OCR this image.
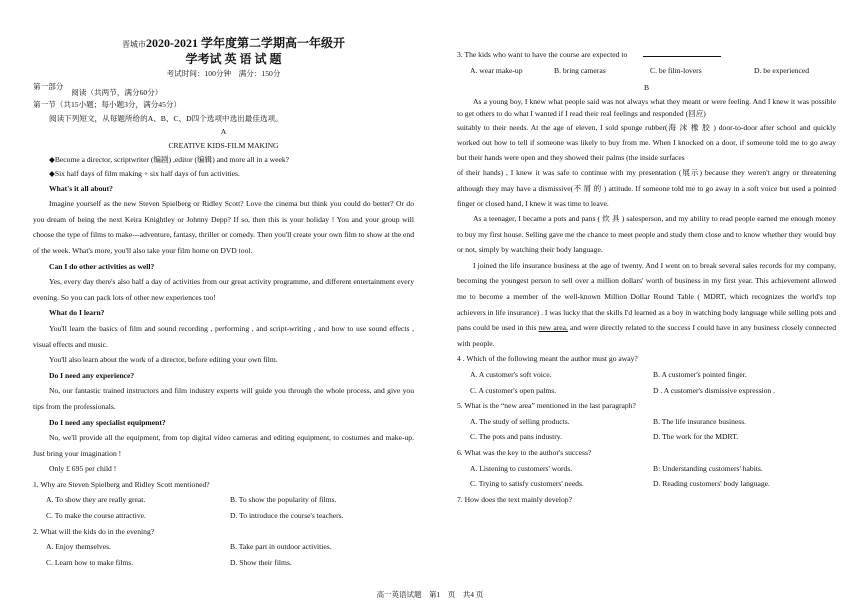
晋城市2020-2021 学年度第二学期高一年级开
学考试 英 语 试 题
考试时间：100分钟　满分：150分
第一部分 阅读（共两节，满分60分）

第一节（共15小题；每小题3分，满分45分）

阅读下列短文，从每题所给的A、B、C、D四个选项中选出最佳选项。

A

CREATIVE KIDS-FILM MAKING

◆Become a director, scriptwriter (编剧) ,editor (编辑) and more all in a week?

◆Six half days of film making + six half days of fun activities.

What's it all about?

Imagine yourself as the new Steven Spielberg or Ridley Scott? Love the cinema but think you could do better? Or do you dream of being the next Keira Knightley or Johnny Depp? If so, then this is your holiday ! You and your group will choose the type of films to make---adventure, fantasy, thriller or comedy. Then you'll create your own film to show at the end of the week. What's more, you'll also take your film home on DVD tool.

Can I do other activities as well?

Yes, every day there's also half a day of activities from our great activity programme, and different entertainment every evening. So you can pack lots of other new experiences too!

What do I learn?

You'll learn the basics of film and sound recording , performing , and script-writing , and how to use sound effects , visual effects and music.

You'll also learn about the work of a director, before editing your own film.

Do I need any experience?

No, our fantastic trained instructors and film industry experts will guide you through the whole process, and give you tips from the professionals.

Do I need any specialist equipment?

No, we'll provide all the equipment, from top digital video cameras and editing equipment, to costumes and make-up. Just bring your imagination !

Only £ 695 per child !

1. Why are Steven Spielberg and Ridley Scott mentioned?

A. To show they are really great.	B. To show the popularity of films.
C. To make the course attractive.	D. To introduce the course's teachers.

2. What will the kids do in the evening?

A. Enjoy themselves.	B. Take part in outdoor activities.
C. Learn how to make films.	D. Show their films.

3. The kids who want to have the course are expected to

A. wear make-up	B. bring cameras	C. be film-lovers	D. be experienced

B

As a young boy, I knew what people said was not always what they meant or were feeling. And I knew it was possible to get others to do what I wanted if I read their real feelings and responded (回应)

suitably to their needs. At the age of eleven, I sold sponge rubber(海 沫 橡 胶 ) door-to-door after school and quickly worked out how to tell if someone was likely to buy from me. When I knocked on a door, if someone told me to go away but their hands were open and they showed their palms (the inside surfaces

of their hands) , I knew it was safe to continue with my presentation (展示) because they weren't angry or threatening although they may have a dismissive(不 屑 的 ) attitude. If someone told me to go away in a soft voice but used a pointed finger or closed hand, I knew it was time to leave.

As a teenager, I became a pots and pans ( 炊 具 ) salesperson, and my ability to read people earned me enough money to buy my first house. Selling gave me the chance to meet people and study them close and to know whether they would buy or not, simply by watching their body language.

I joined the life insurance business at the age of twenty. And I went on to break several sales records for my company, becoming the youngest person to sell over a million dollars' worth of business in my first year. This achievement allowed me to become a member of the well-known Million Dollar Round Table ( MDRT, which recognizes the world's top achievers in life insurance) . I was lucky that the skills I'd learned as a boy in watching body language while selling pots and pans could be used in this new area, and were directly related to the success I could have in any business closely connected with people.

4 . Which of the following meant the author must go away?

A. A customer's soft voice.	B. A customer's pointed finger.
C. A customer's open palms.	D . A customer's dismissive expression .

5. What is the “new area” mentioned in the last paragraph?

A. The study of selling products.	B. The life insurance business.
C. The pots and pans industry.	D. The work for the MDRT.

6. What was the key to the author's success?

A. Listening to customers' words.	B: Understanding customers' habits.
C. Trying to satisfy customers' needs.	D. Reading customers' body language.

7. How does the text mainly develop?

高一英语试题　第1　页　共4 页
